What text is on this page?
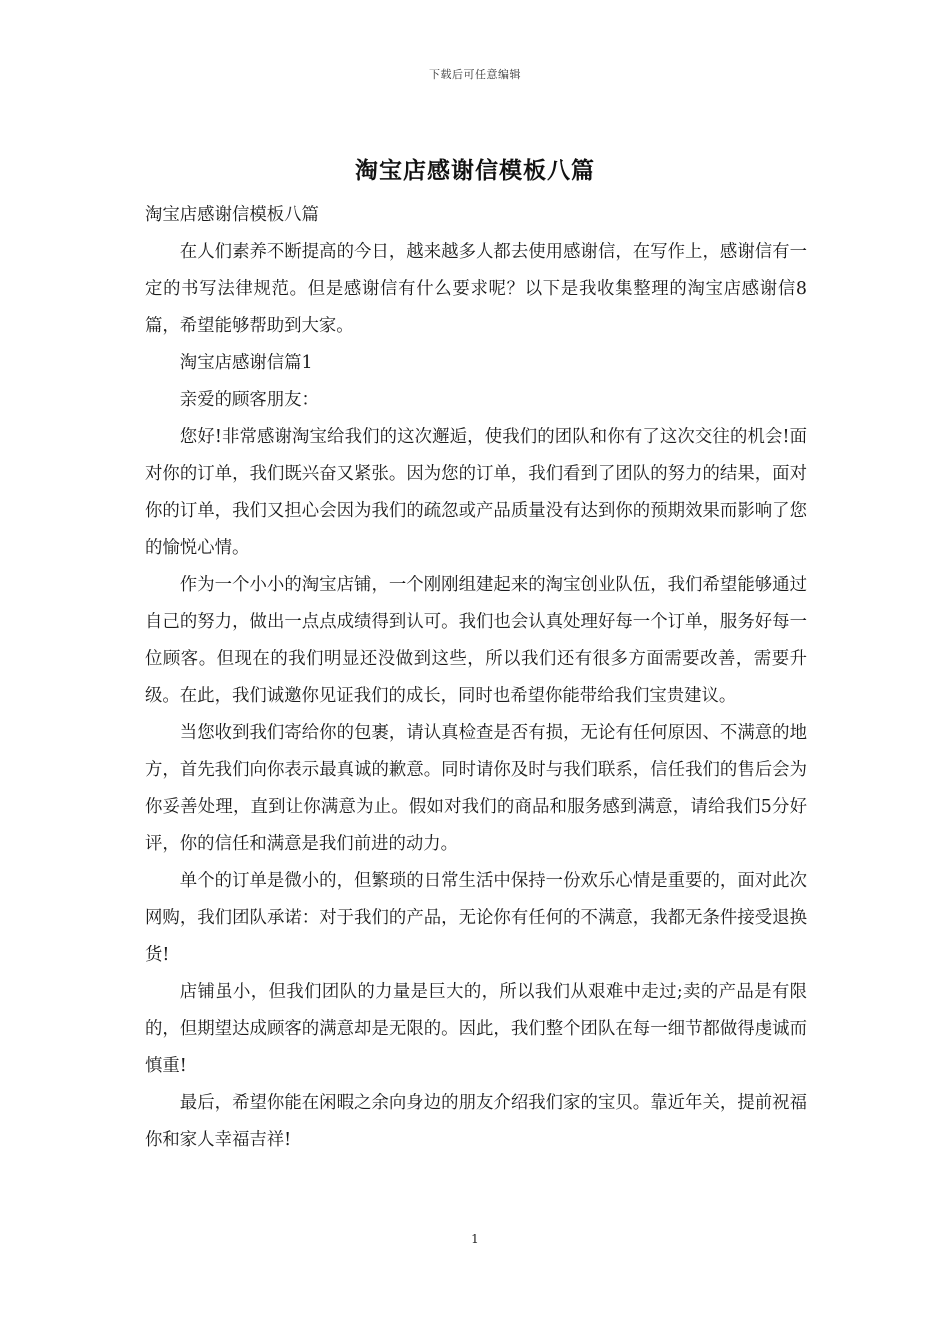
下载后可任意编辑
淘宝店感谢信模板八篇

淘宝店感谢信模板八篇

在人们素养不断提高的今日，越来越多人都去使用感谢信，在写作上，感谢信有一定的书写法律规范。但是感谢信有什么要求呢？以下是我收集整理的淘宝店感谢信8篇，希望能够帮助到大家。

淘宝店感谢信篇1

亲爱的顾客朋友：

您好!非常感谢淘宝给我们的这次邂逅，使我们的团队和你有了这次交往的机会!面对你的订单，我们既兴奋又紧张。因为您的订单，我们看到了团队的努力的结果，面对你的订单，我们又担心会因为我们的疏忽或产品质量没有达到你的预期效果而影响了您的愉悦心情。

作为一个小小的淘宝店铺，一个刚刚组建起来的淘宝创业队伍，我们希望能够通过自己的努力，做出一点点成绩得到认可。我们也会认真处理好每一个订单，服务好每一位顾客。但现在的我们明显还没做到这些，所以我们还有很多方面需要改善，需要升级。在此，我们诚邀你见证我们的成长，同时也希望你能带给我们宝贵建议。

当您收到我们寄给你的包裹，请认真检查是否有损，无论有任何原因、不满意的地方，首先我们向你表示最真诚的歉意。同时请你及时与我们联系，信任我们的售后会为你妥善处理，直到让你满意为止。假如对我们的商品和服务感到满意，请给我们5分好评，你的信任和满意是我们前进的动力。

单个的订单是微小的，但繁琐的日常生活中保持一份欢乐心情是重要的，面对此次网购，我们团队承诺：对于我们的产品，无论你有任何的不满意，我都无条件接受退换货!

店铺虽小，但我们团队的力量是巨大的，所以我们从艰难中走过;卖的产品是有限的，但期望达成顾客的满意却是无限的。因此，我们整个团队在每一细节都做得虔诚而慎重!

最后，希望你能在闲暇之余向身边的朋友介绍我们家的宝贝。靠近年关，提前祝福你和家人幸福吉祥!

1
